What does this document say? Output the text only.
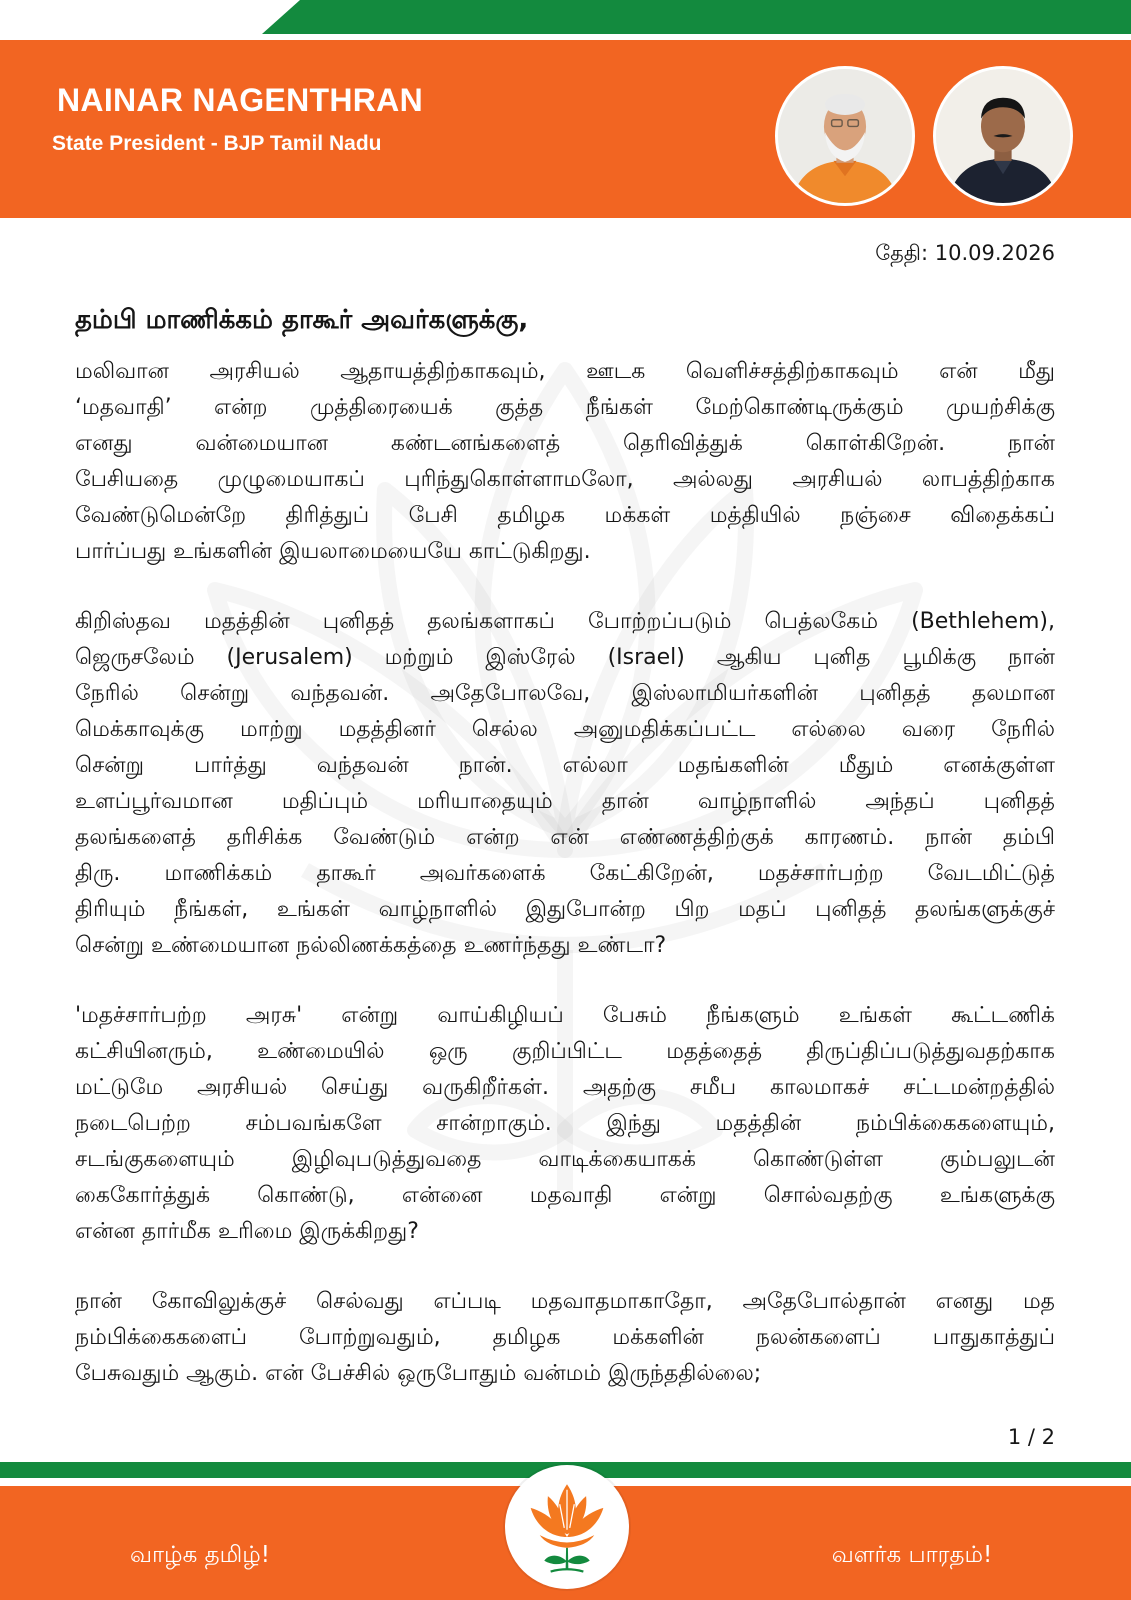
NAINAR NAGENTHRAN
State President - BJP Tamil Nadu
தேதி: 10.09.2026
தம்பி மாணிக்கம் தாகூர் அவர்களுக்கு,
மலிவான அரசியல் ஆதாயத்திற்காகவும், ஊடக வெளிச்சத்திற்காகவும் என் மீது
‘மதவாதி’ என்ற முத்திரையைக் குத்த நீங்கள் மேற்கொண்டிருக்கும் முயற்சிக்கு
எனது வன்மையான கண்டனங்களைத் தெரிவித்துக் கொள்கிறேன். நான்
பேசியதை முழுமையாகப் புரிந்துகொள்ளாமலோ, அல்லது அரசியல் லாபத்திற்காக
வேண்டுமென்றே திரித்துப் பேசி தமிழக மக்கள் மத்தியில் நஞ்சை விதைக்கப்
பார்ப்பது உங்களின் இயலாமையையே காட்டுகிறது.
கிறிஸ்தவ மதத்தின் புனிதத் தலங்களாகப் போற்றப்படும் பெத்லகேம் (Bethlehem),
ஜெருசலேம் (Jerusalem) மற்றும் இஸ்ரேல் (Israel) ஆகிய புனித பூமிக்கு நான்
நேரில் சென்று வந்தவன். அதேபோலவே, இஸ்லாமியர்களின் புனிதத் தலமான
மெக்காவுக்கு மாற்று மதத்தினர் செல்ல அனுமதிக்கப்பட்ட எல்லை வரை நேரில்
சென்று பார்த்து வந்தவன் நான். எல்லா மதங்களின் மீதும் எனக்குள்ள
உளப்பூர்வமான மதிப்பும் மரியாதையும் தான் வாழ்நாளில் அந்தப் புனிதத்
தலங்களைத் தரிசிக்க வேண்டும் என்ற என் எண்ணத்திற்குக் காரணம். நான் தம்பி
திரு. மாணிக்கம் தாகூர் அவர்களைக் கேட்கிறேன், மதச்சார்பற்ற வேடமிட்டுத்
திரியும் நீங்கள், உங்கள் வாழ்நாளில் இதுபோன்ற பிற மதப் புனிதத் தலங்களுக்குச்
சென்று உண்மையான நல்லிணக்கத்தை உணர்ந்தது உண்டா?
'மதச்சார்பற்ற அரசு' என்று வாய்கிழியப் பேசும் நீங்களும் உங்கள் கூட்டணிக்
கட்சியினரும், உண்மையில் ஒரு குறிப்பிட்ட மதத்தைத் திருப்திப்படுத்துவதற்காக
மட்டுமே அரசியல் செய்து வருகிறீர்கள். அதற்கு சமீப காலமாகச் சட்டமன்றத்தில்
நடைபெற்ற சம்பவங்களே சான்றாகும். இந்து மதத்தின் நம்பிக்கைகளையும்,
சடங்குகளையும் இழிவுபடுத்துவதை வாடிக்கையாகக் கொண்டுள்ள கும்பலுடன்
கைகோர்த்துக் கொண்டு, என்னை மதவாதி என்று சொல்வதற்கு உங்களுக்கு
என்ன தார்மீக உரிமை இருக்கிறது?
நான் கோவிலுக்குச் செல்வது எப்படி மதவாதமாகாதோ, அதேபோல்தான் எனது மத
நம்பிக்கைகளைப் போற்றுவதும், தமிழக மக்களின் நலன்களைப் பாதுகாத்துப்
பேசுவதும் ஆகும். என் பேச்சில் ஒருபோதும் வன்மம் இருந்ததில்லை;
1 / 2
வாழ்க தமிழ்!	வளர்க பாரதம்!
